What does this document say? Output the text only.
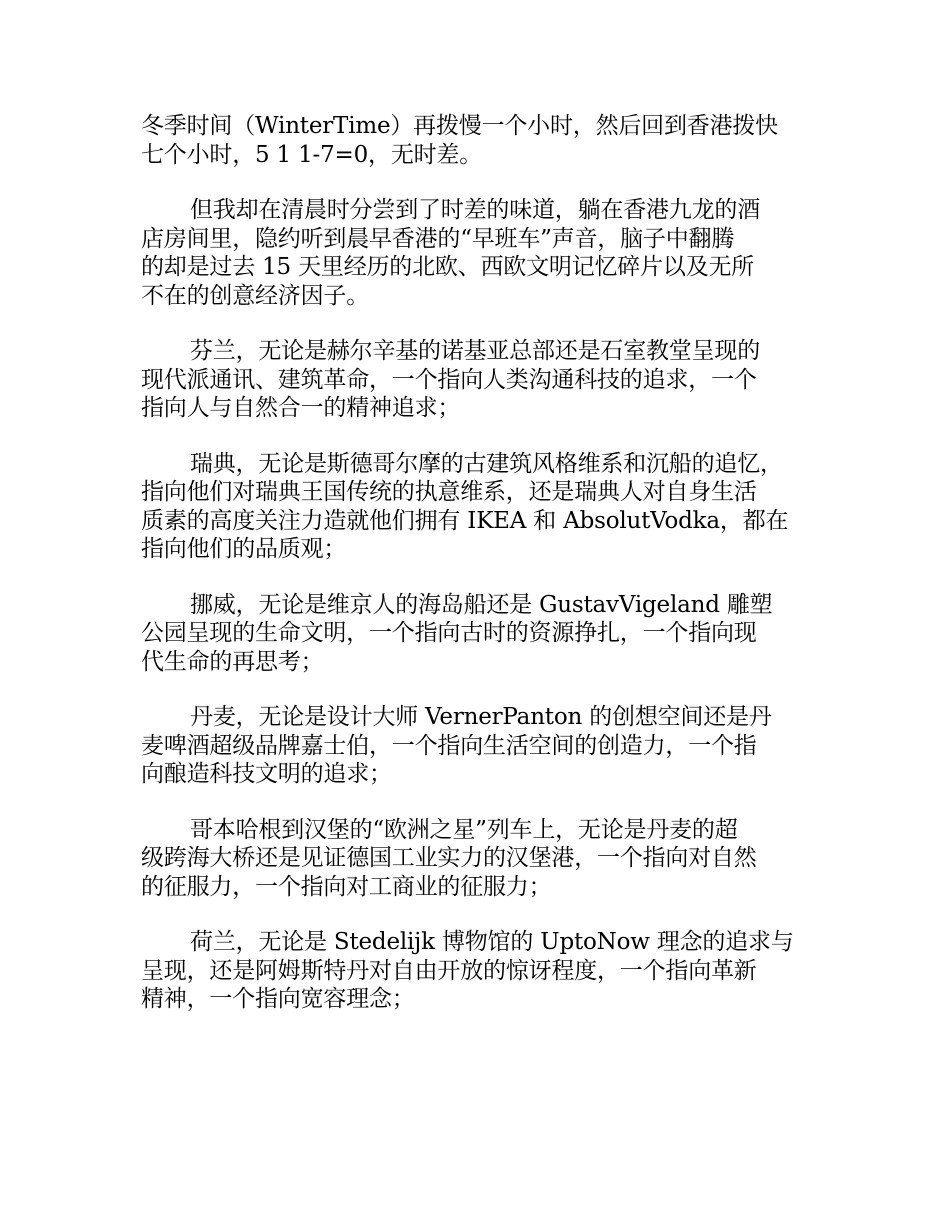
冬季时间（WinterTime）再拨慢一个小时，然后回到香港拨快
七个小时，5 1 1-7=0，无时差。

但我却在清晨时分尝到了时差的味道，躺在香港九龙的酒
店房间里，隐约听到晨早香港的“早班车”声音，脑子中翻腾
的却是过去 15 天里经历的北欧、西欧文明记忆碎片以及无所
不在的创意经济因子。

芬兰，无论是赫尔辛基的诺基亚总部还是石室教堂呈现的
现代派通讯、建筑革命，一个指向人类沟通科技的追求，一个
指向人与自然合一的精神追求；

瑞典，无论是斯德哥尔摩的古建筑风格维系和沉船的追忆，
指向他们对瑞典王国传统的执意维系，还是瑞典人对自身生活
质素的高度关注力造就他们拥有 IKEA 和 AbsolutVodka，都在
指向他们的品质观；

挪威，无论是维京人的海岛船还是 GustavVigeland 雕塑
公园呈现的生命文明，一个指向古时的资源挣扎，一个指向现
代生命的再思考；

丹麦，无论是设计大师 VernerPanton 的创想空间还是丹
麦啤酒超级品牌嘉士伯，一个指向生活空间的创造力，一个指
向酿造科技文明的追求；

哥本哈根到汉堡的“欧洲之星”列车上，无论是丹麦的超
级跨海大桥还是见证德国工业实力的汉堡港，一个指向对自然
的征服力，一个指向对工商业的征服力；

荷兰，无论是 Stedelijk 博物馆的 UptoNow 理念的追求与
呈现，还是阿姆斯特丹对自由开放的惊讶程度，一个指向革新
精神，一个指向宽容理念；
